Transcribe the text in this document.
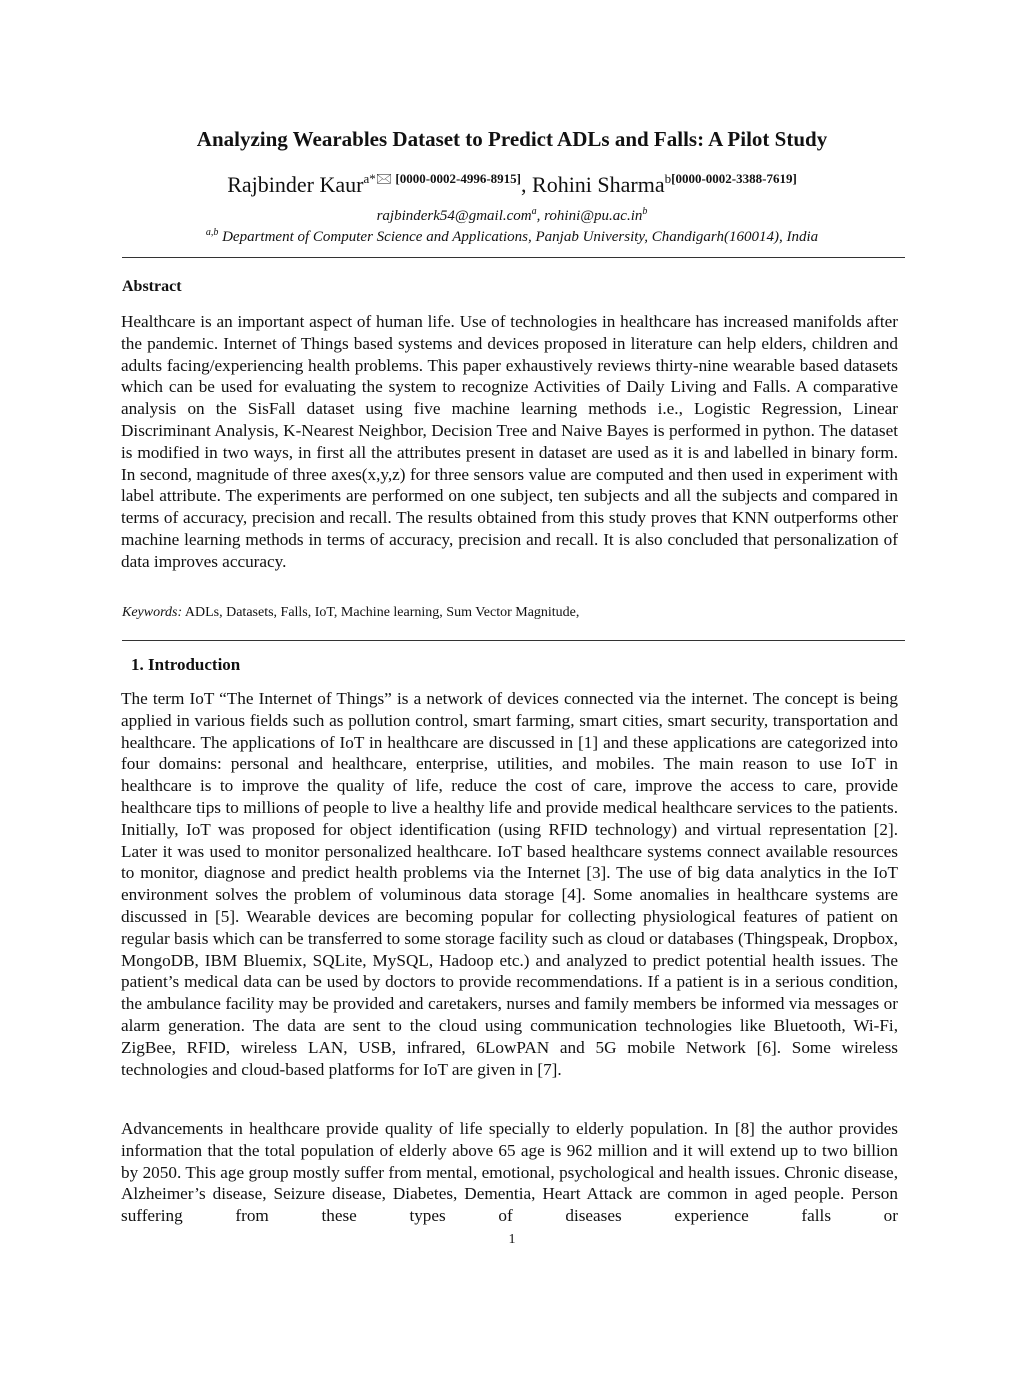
Analyzing Wearables Dataset to Predict ADLs and Falls: A Pilot Study

Rajbinder Kaur$^{a*🖂 [0000-0002-4996-8915]}$, Rohini Sharma$^{b[0000-0002-3388-7619]}$

rajbinderk54@gmail.com$^a$, $rohini@pu.ac.in^b$

$^{a,b}$ Department of Computer Science and Applications, Panjab University, Chandigarh(160014), India

Abstract

Healthcare is an important aspect of human life. Use of technologies in healthcare has increased manifolds after the pandemic. Internet of Things based systems and devices proposed in literature can help elders, children and adults facing/experiencing health problems. This paper exhaustively reviews thirty-nine wearable based datasets which can be used for evaluating the system to recognize Activities of Daily Living and Falls. A comparative analysis on the SisFall dataset using five machine learning methods i.e., Logistic Regression, Linear Discriminant Analysis, K-Nearest Neighbor, Decision Tree and Naive Bayes is performed in python. The dataset is modified in two ways, in first all the attributes present in dataset are used as it is and labelled in binary form. In second, magnitude of three axes(x,y,z) for three sensors value are computed and then used in experiment with label attribute. The experiments are performed on one subject, ten subjects and all the subjects and compared in terms of accuracy, precision and recall. The results obtained from this study proves that KNN outperforms other machine learning methods in terms of accuracy, precision and recall. It is also concluded that personalization of data improves accuracy.

Keywords: ADLs, Datasets, Falls, IoT, Machine learning, Sum Vector Magnitude,

1. Introduction

The term IoT “The Internet of Things” is a network of devices connected via the internet. The concept is being applied in various fields such as pollution control, smart farming, smart cities, smart security, transportation and healthcare. The applications of IoT in healthcare are discussed in [1] and these applications are categorized into four domains: personal and healthcare, enterprise, utilities, and mobiles. The main reason to use IoT in healthcare is to improve the quality of life, reduce the cost of care, improve the access to care, provide healthcare tips to millions of people to live a healthy life and provide medical healthcare services to the patients. Initially, IoT was proposed for object identification (using RFID technology) and virtual representation [2]. Later it was used to monitor personalized healthcare. IoT based healthcare systems connect available resources to monitor, diagnose and predict health problems via the Internet [3]. The use of big data analytics in the IoT environment solves the problem of voluminous data storage [4]. Some anomalies in healthcare systems are discussed in [5]. Wearable devices are becoming popular for collecting physiological features of patient on regular basis which can be transferred to some storage facility such as cloud or databases (Thingspeak, Dropbox, MongoDB, IBM Bluemix, SQLite, MySQL, Hadoop etc.) and analyzed to predict potential health issues. The patient’s medical data can be used by doctors to provide recommendations. If a patient is in a serious condition, the ambulance facility may be provided and caretakers, nurses and family members be informed via messages or alarm generation. The data are sent to the cloud using communication technologies like Bluetooth, Wi-Fi, ZigBee, RFID, wireless LAN, USB, infrared, 6LowPAN and 5G mobile Network [6]. Some wireless technologies and cloud-based platforms for IoT are given in [7].

Advancements in healthcare provide quality of life specially to elderly population. In [8] the author provides information that the total population of elderly above 65 age is 962 million and it will extend up to two billion by 2050. This age group mostly suffer from mental, emotional, psychological and health issues. Chronic disease, Alzheimer’s disease, Seizure disease, Diabetes, Dementia, Heart Attack are common in aged people. Person suffering from these types of diseases experience falls or

1
